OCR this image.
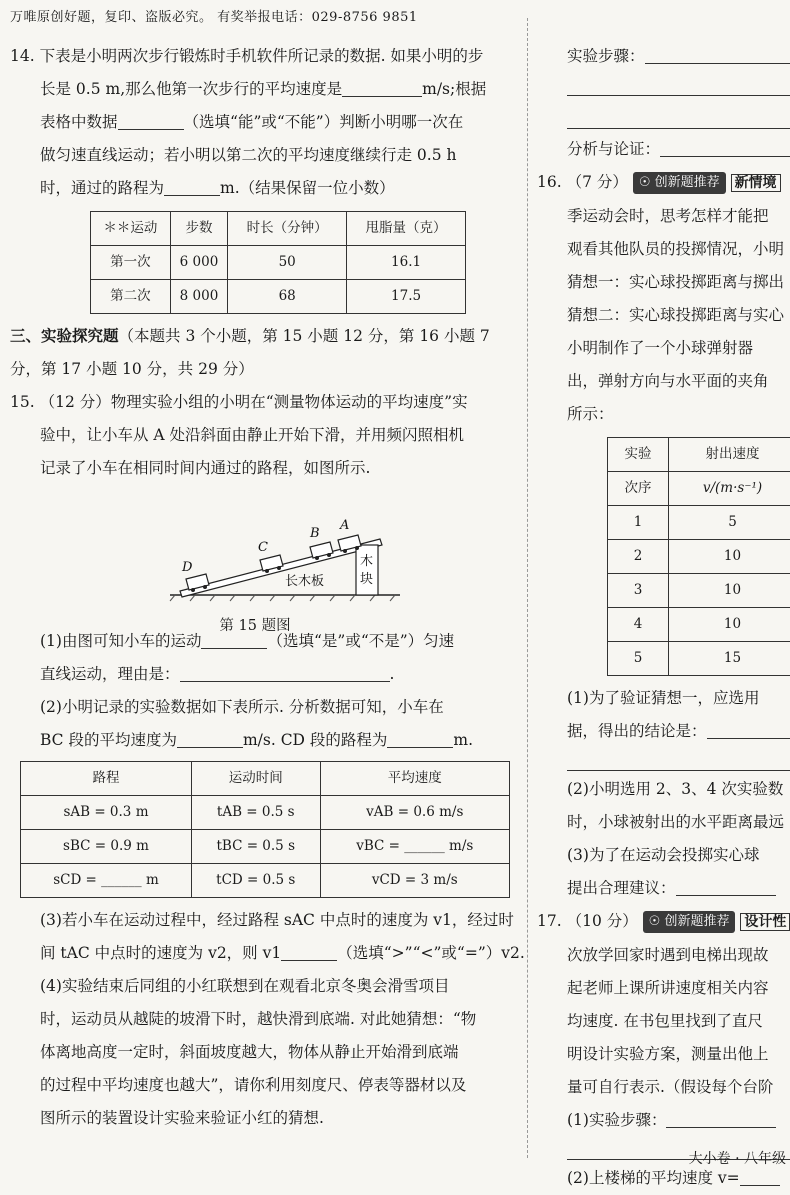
万唯原创好题，复印、盗版必究。 有奖举报电话：029-8756 9851

14. 下表是小明两次步行锻炼时手机软件所记录的数据. 如果小明的步

长是 0.5 m,那么他第一次步行的平均速度是	m/s;根据

表格中数据	（选填“能”或“不能”）判断小明哪一次在

做匀速直线运动；若小明以第二次的平均速度继续行走 0.5 h

时，通过的路程为	m.（结果保留一位小数）

＊＊运动	步数	时长（分钟）	甩脂量（克）
第一次	6 000	50	16.1
第二次	8 000	68	17.5

三、实验探究题（本题共 3 个小题，第 15 小题 12 分，第 16 小题 7

分，第 17 小题 10 分，共 29 分）

15. （12 分）物理实验小组的小明在“测量物体运动的平均速度”实

验中，让小车从 A 处沿斜面由静止开始下滑，并用频闪照相机

记录了小车在相同时间内通过的路程，如图所示.

D
C
B
A
长木板
木
块
第 15 题图

(1)由图可知小车的运动	（选填“是”或“不是”）匀速

直线运动，理由是：	.

(2)小明记录的实验数据如下表所示. 分析数据可知，小车在

BC 段的平均速度为	m/s. CD 段的路程为	m.

路程	运动时间	平均速度
sAB = 0.3 m	tAB = 0.5 s	vAB = 0.6 m/s
sBC = 0.9 m	tBC = 0.5 s	vBC = ______ m/s
sCD = ______ m	tCD = 0.5 s	vCD = 3 m/s

(3)若小车在运动过程中，经过路程 sAC 中点时的速度为 v1，经过时

间 tAC 中点时的速度为 v2，则 v1	（选填“>”“<”或“=”）v2.

(4)实验结束后同组的小红联想到在观看北京冬奥会滑雪项目

时，运动员从越陡的坡滑下时，越快滑到底端. 对此她猜想：“物

体离地高度一定时，斜面坡度越大，物体从静止开始滑到底端

的过程中平均速度也越大”，请你利用刻度尺、停表等器材以及

图所示的装置设计实验来验证小红的猜想.

实验步骤：

分析与论证：

16. （7 分） ☉ 创新题推荐 新情境

季运动会时，思考怎样才能把

观看其他队员的投掷情况，小明

猜想一：实心球投掷距离与掷出

猜想二：实心球投掷距离与实心

小明制作了一个小球弹射器

出，弹射方向与水平面的夹角

所示：

实验	射出速度

次序	v/(m·s⁻¹)
1	5
2	10
3	10
4	10
5	15

(1)为了验证猜想一，应选用

据，得出的结论是：

(2)小明选用 2、3、4 次实验数

时，小球被射出的水平距离最远

(3)为了在运动会投掷实心球

提出合理建议：

17. （10 分） ☉ 创新题推荐 设计性

次放学回家时遇到电梯出现故

起老师上课所讲速度相关内容

均速度. 在书包里找到了直尺

明设计实验方案，测量出他上

量可自行表示.（假设每个台阶

(1)实验步骤：

(2)上楼梯的平均速度 v=

大小卷 · 八年级
